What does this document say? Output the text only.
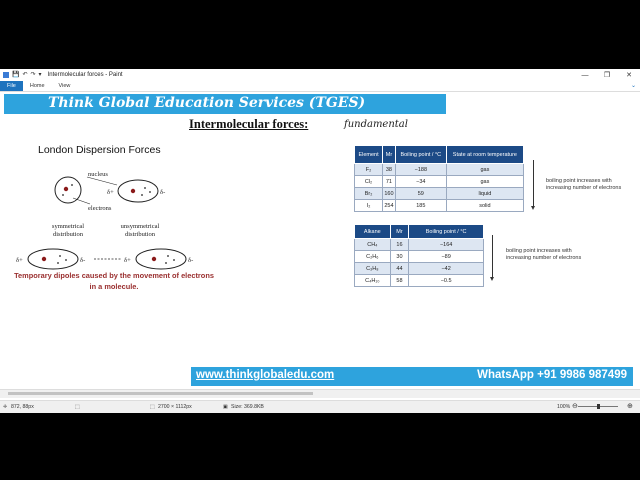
💾 ↶ ↷ ▾ Intermolecular forces - Paint	—	❐	✕
File	Home	View	⌄
Think Global Education Services (TGES)
Intermolecular forces:	fundamental
London Dispersion Forces
nucleus
electrons
δ+	δ-
symmetrical
distribution
unsymmetrical
distribution
δ+	δ-	δ+	δ-
Temporary dipoles caused by the movement of electrons in a molecule.
Element	Mr	Boiling point / °C	State at room temperature
F₂	38	−188	gas
Cl₂	71	−34	gas
Br₂	160	59	liquid
I₂	254	185	solid
boiling point increases with increasing number of electrons
Alkane	Mr	Boiling point / °C
CH₄	16	−164
C₂H₆	30	−89
C₃H₈	44	−42
C₄H₁₀	58	−0.5
boiling point increases with increasing number of electrons
www.thinkglobaledu.com	WhatsApp +91 9986 987499
✛ 872, 88px	⬚	⬚ 2700 × 1112px	▣ Size: 369.8KB	100% ⊖	⊕
